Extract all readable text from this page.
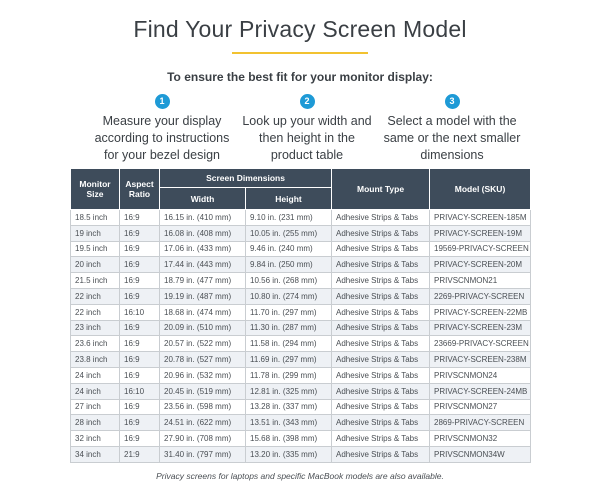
Find Your Privacy Screen Model
To ensure the best fit for your monitor display:
1
Measure your display according to instructions for your bezel design
2
Look up your width and then height in the product table
3
Select a model with the same or the next smaller dimensions
Monitor Size	Aspect Ratio	Screen Dimensions		Mount Type	Model (SKU)
		Width	Height		
18.5 inch	16:9	16.15 in. (410 mm)	9.10 in. (231 mm)	Adhesive Strips & Tabs	PRIVACY-SCREEN-185M
19 inch	16:9	16.08 in. (408 mm)	10.05 in. (255 mm)	Adhesive Strips & Tabs	PRIVACY-SCREEN-19M
19.5 inch	16:9	17.06 in. (433 mm)	9.46 in. (240 mm)	Adhesive Strips & Tabs	19569-PRIVACY-SCREEN
20 inch	16:9	17.44 in. (443 mm)	9.84 in. (250 mm)	Adhesive Strips & Tabs	PRIVACY-SCREEN-20M
21.5 inch	16:9	18.79 in. (477 mm)	10.56 in. (268 mm)	Adhesive Strips & Tabs	PRIVSCNMON21
22 inch	16:9	19.19 in. (487 mm)	10.80 in. (274 mm)	Adhesive Strips & Tabs	2269-PRIVACY-SCREEN
22 inch	16:10	18.68 in. (474 mm)	11.70 in. (297 mm)	Adhesive Strips & Tabs	PRIVACY-SCREEN-22MB
23 inch	16:9	20.09 in. (510 mm)	11.30 in. (287 mm)	Adhesive Strips & Tabs	PRIVACY-SCREEN-23M
23.6 inch	16:9	20.57 in. (522 mm)	11.58 in. (294 mm)	Adhesive Strips & Tabs	23669-PRIVACY-SCREEN
23.8 inch	16:9	20.78 in. (527 mm)	11.69 in. (297 mm)	Adhesive Strips & Tabs	PRIVACY-SCREEN-238M
24 inch	16:9	20.96 in. (532 mm)	11.78 in. (299 mm)	Adhesive Strips & Tabs	PRIVSCNMON24
24 inch	16:10	20.45 in. (519 mm)	12.81 in. (325 mm)	Adhesive Strips & Tabs	PRIVACY-SCREEN-24MB
27 inch	16:9	23.56 in. (598 mm)	13.28 in. (337 mm)	Adhesive Strips & Tabs	PRIVSCNMON27
28 inch	16:9	24.51 in. (622 mm)	13.51 in. (343 mm)	Adhesive Strips & Tabs	2869-PRIVACY-SCREEN
32 inch	16:9	27.90 in. (708 mm)	15.68 in. (398 mm)	Adhesive Strips & Tabs	PRIVSCNMON32
34 inch	21:9	31.40 in. (797 mm)	13.20 in. (335 mm)	Adhesive Strips & Tabs	PRIVSCNMON34W
Privacy screens for laptops and specific MacBook models are also available.
